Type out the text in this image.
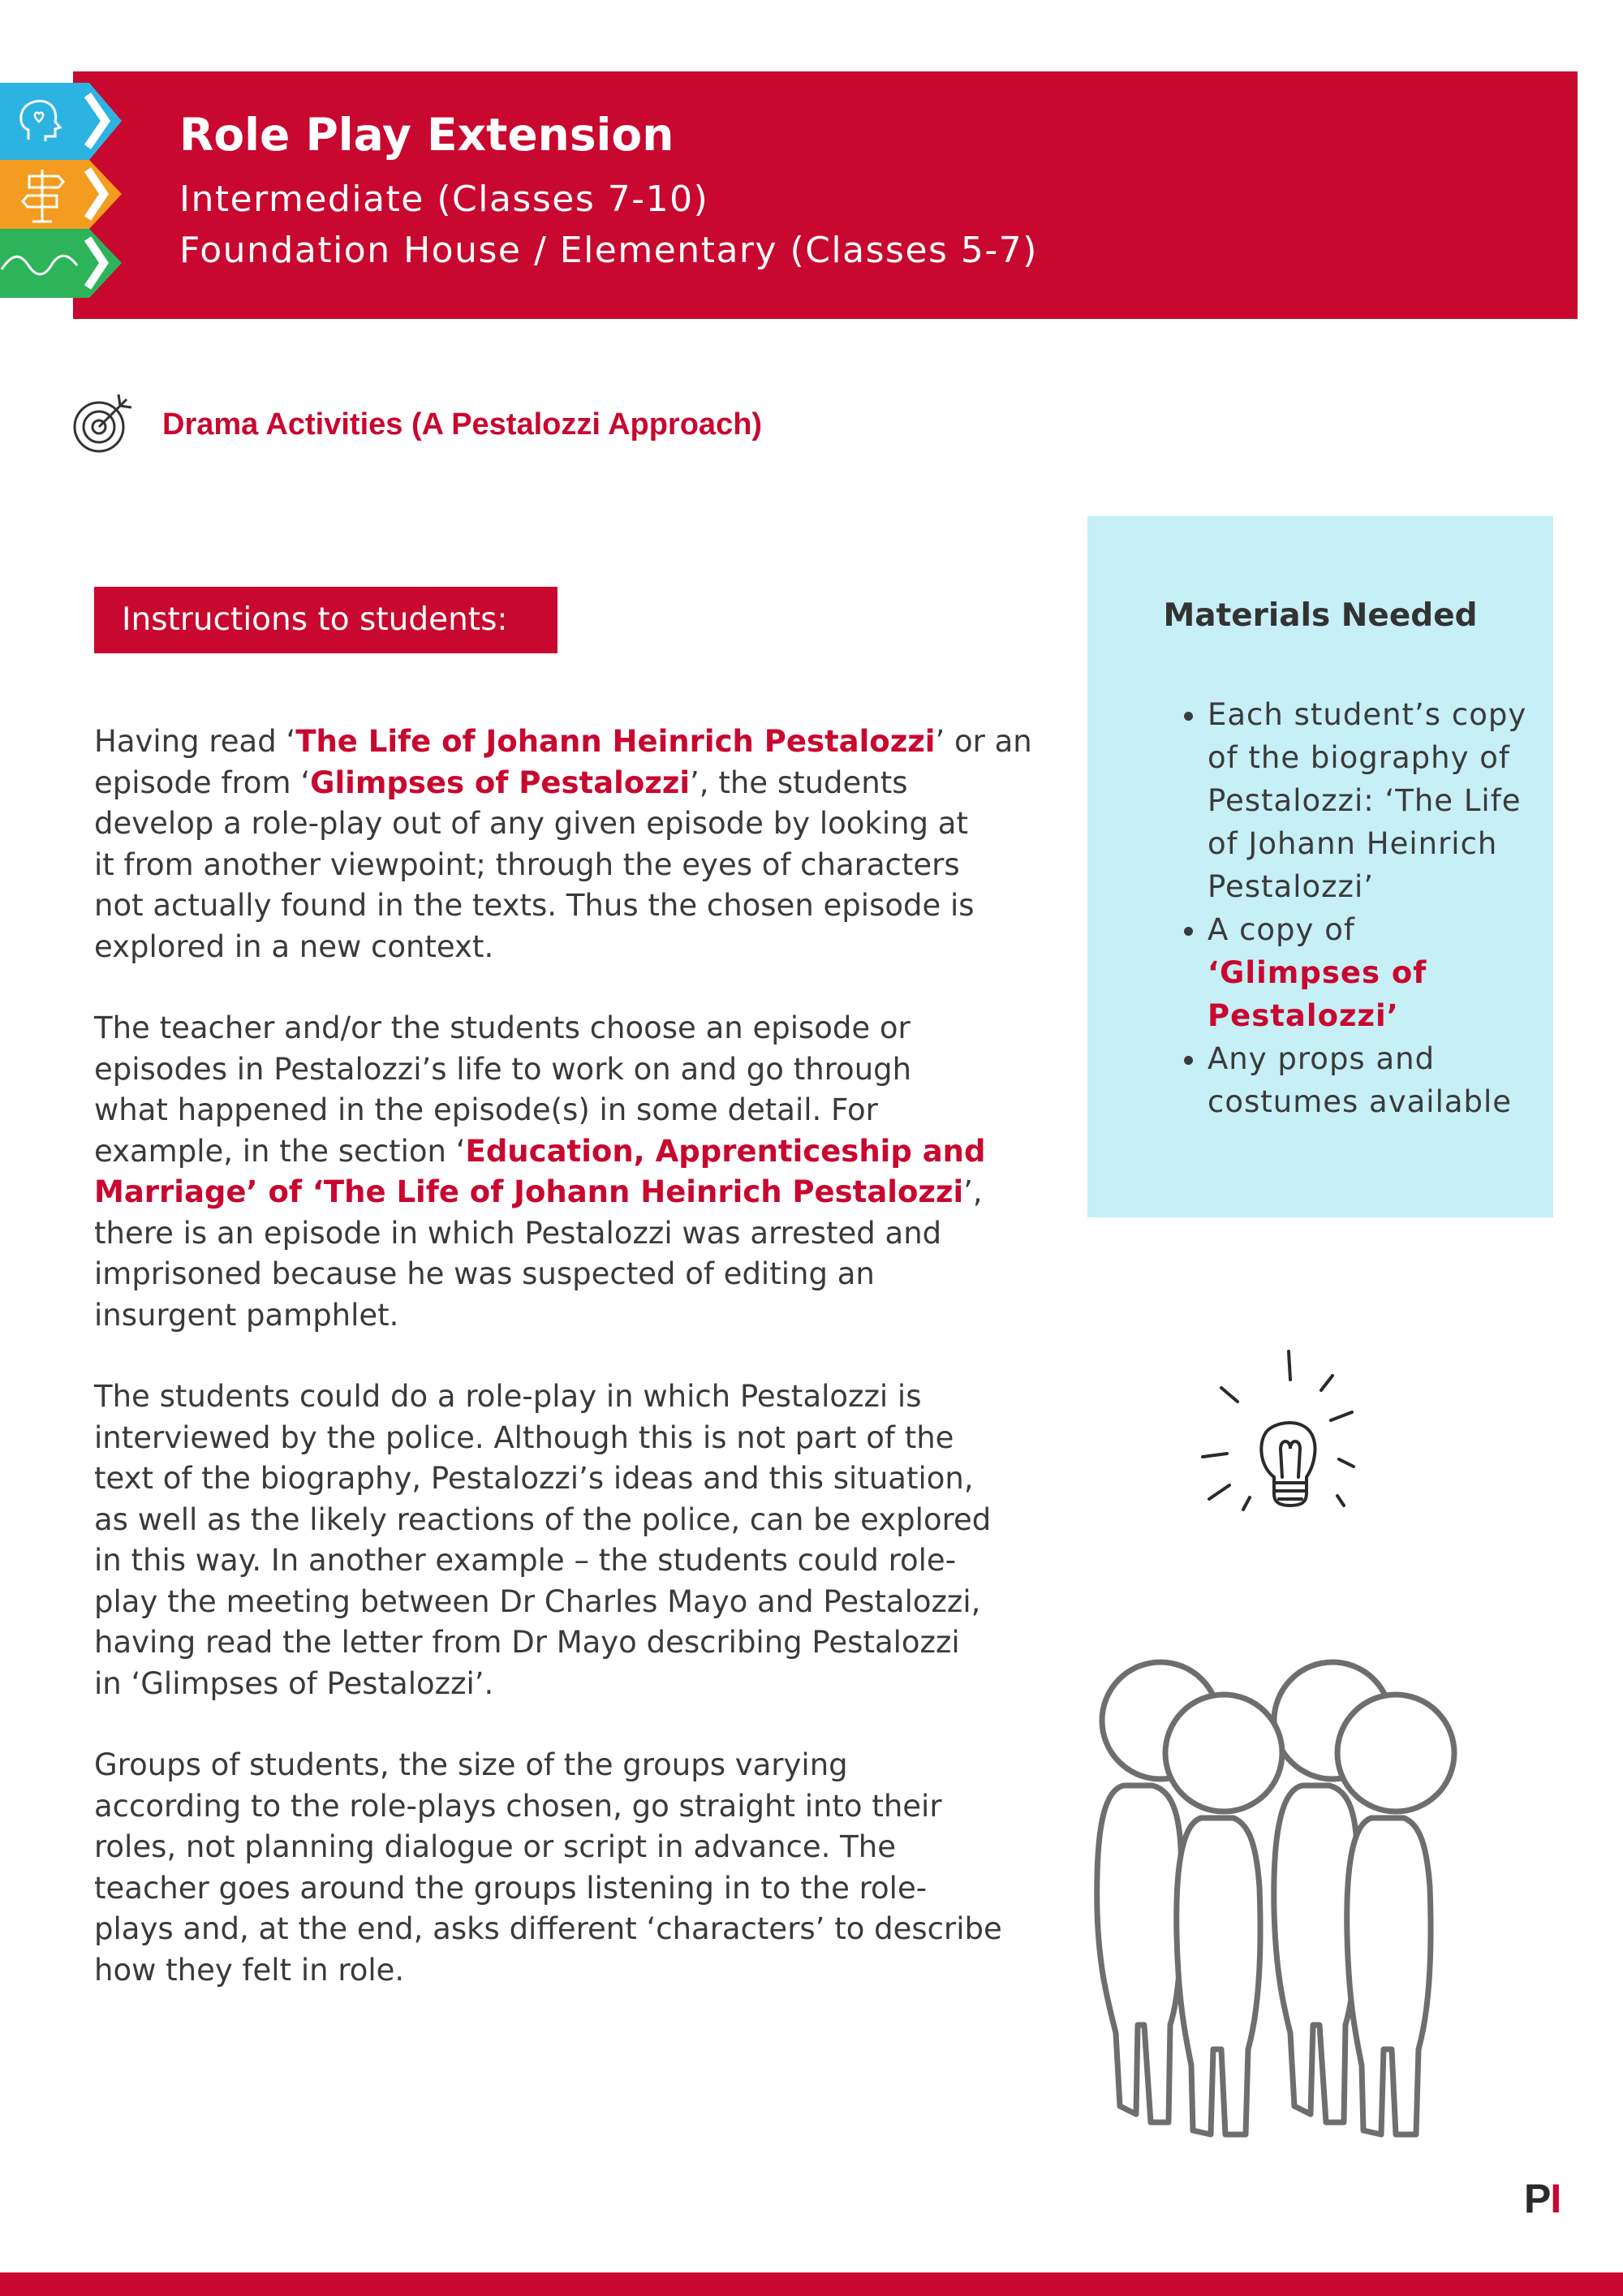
Role Play Extension
Intermediate (Classes 7-10)
Foundation House / Elementary (Classes 5-7)
Drama Activities (A Pestalozzi Approach)
Instructions to students:

Having read ‘The Life of Johann Heinrich Pestalozzi’ or an
episode from ‘Glimpses of Pestalozzi’, the students
develop a role-play out of any given episode by looking at
it from another viewpoint; through the eyes of characters
not actually found in the texts. Thus the chosen episode is
explored in a new context.

The teacher and/or the students choose an episode or
episodes in Pestalozzi’s life to work on and go through
what happened in the episode(s) in some detail. For
example, in the section ‘Education, Apprenticeship and
Marriage’ of ‘The Life of Johann Heinrich Pestalozzi’,
there is an episode in which Pestalozzi was arrested and
imprisoned because he was suspected of editing an
insurgent pamphlet.

The students could do a role-play in which Pestalozzi is
interviewed by the police. Although this is not part of the
text of the biography, Pestalozzi’s ideas and this situation,
as well as the likely reactions of the police, can be explored
in this way. In another example – the students could role-
play the meeting between Dr Charles Mayo and Pestalozzi,
having read the letter from Dr Mayo describing Pestalozzi
in ‘Glimpses of Pestalozzi’.

Groups of students, the size of the groups varying
according to the role-plays chosen, go straight into their
roles, not planning dialogue or script in advance. The
teacher goes around the groups listening in to the role-
plays and, at the end, asks different ‘characters’ to describe
how they felt in role.

Materials Needed
• Each student’s copy of the biography of Pestalozzi: ‘The Life of Johann Heinrich Pestalozzi’
• A copy of ‘Glimpses of Pestalozzi’
• Any props and costumes available
PI
